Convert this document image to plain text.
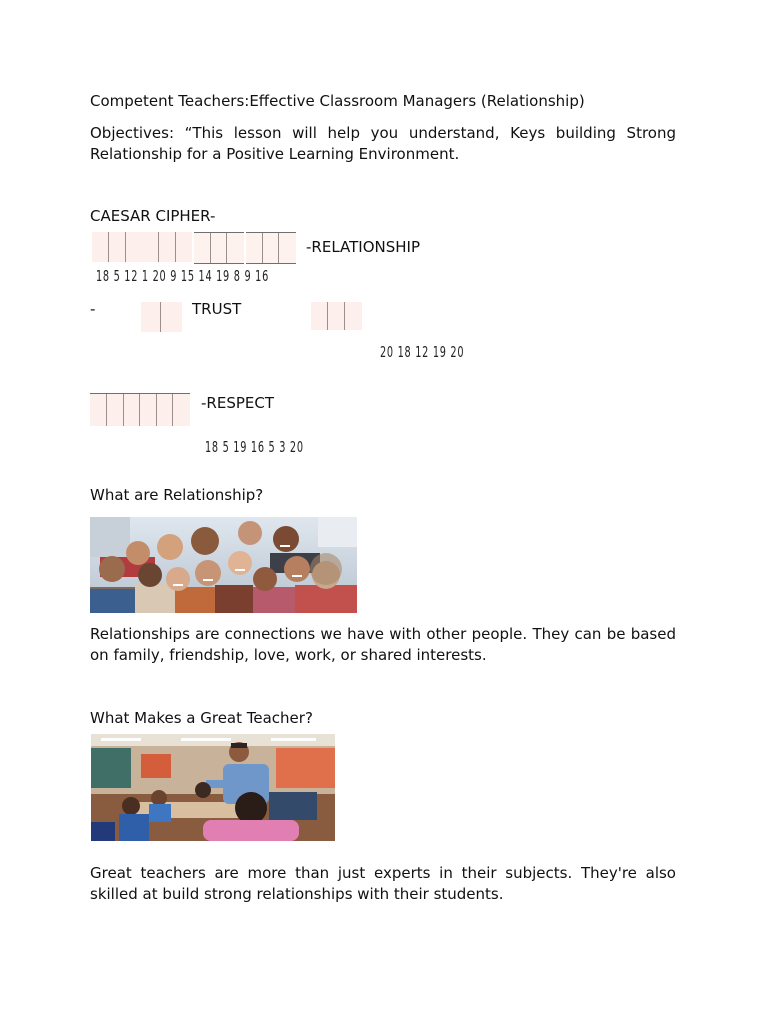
Competent Teachers:Effective Classroom Managers (Relationship)

Objectives: “This lesson will help you understand, Keys building Strong Relationship for a Positive Learning Environment.

CAESAR CIPHER-

-RELATIONSHIP

18 5 12 1 20 9 15 14 19 8 9 16

-	TRUST

20 18 12 19 20

-RESPECT

18 5 19 16 5 3 20

What are Relationship?

Relationships are connections we have with other people. They can be based on family, friendship, love, work, or shared interests.

What Makes a Great Teacher?

Great teachers are more than just experts in their subjects. They're also skilled at build strong relationships with their students.
